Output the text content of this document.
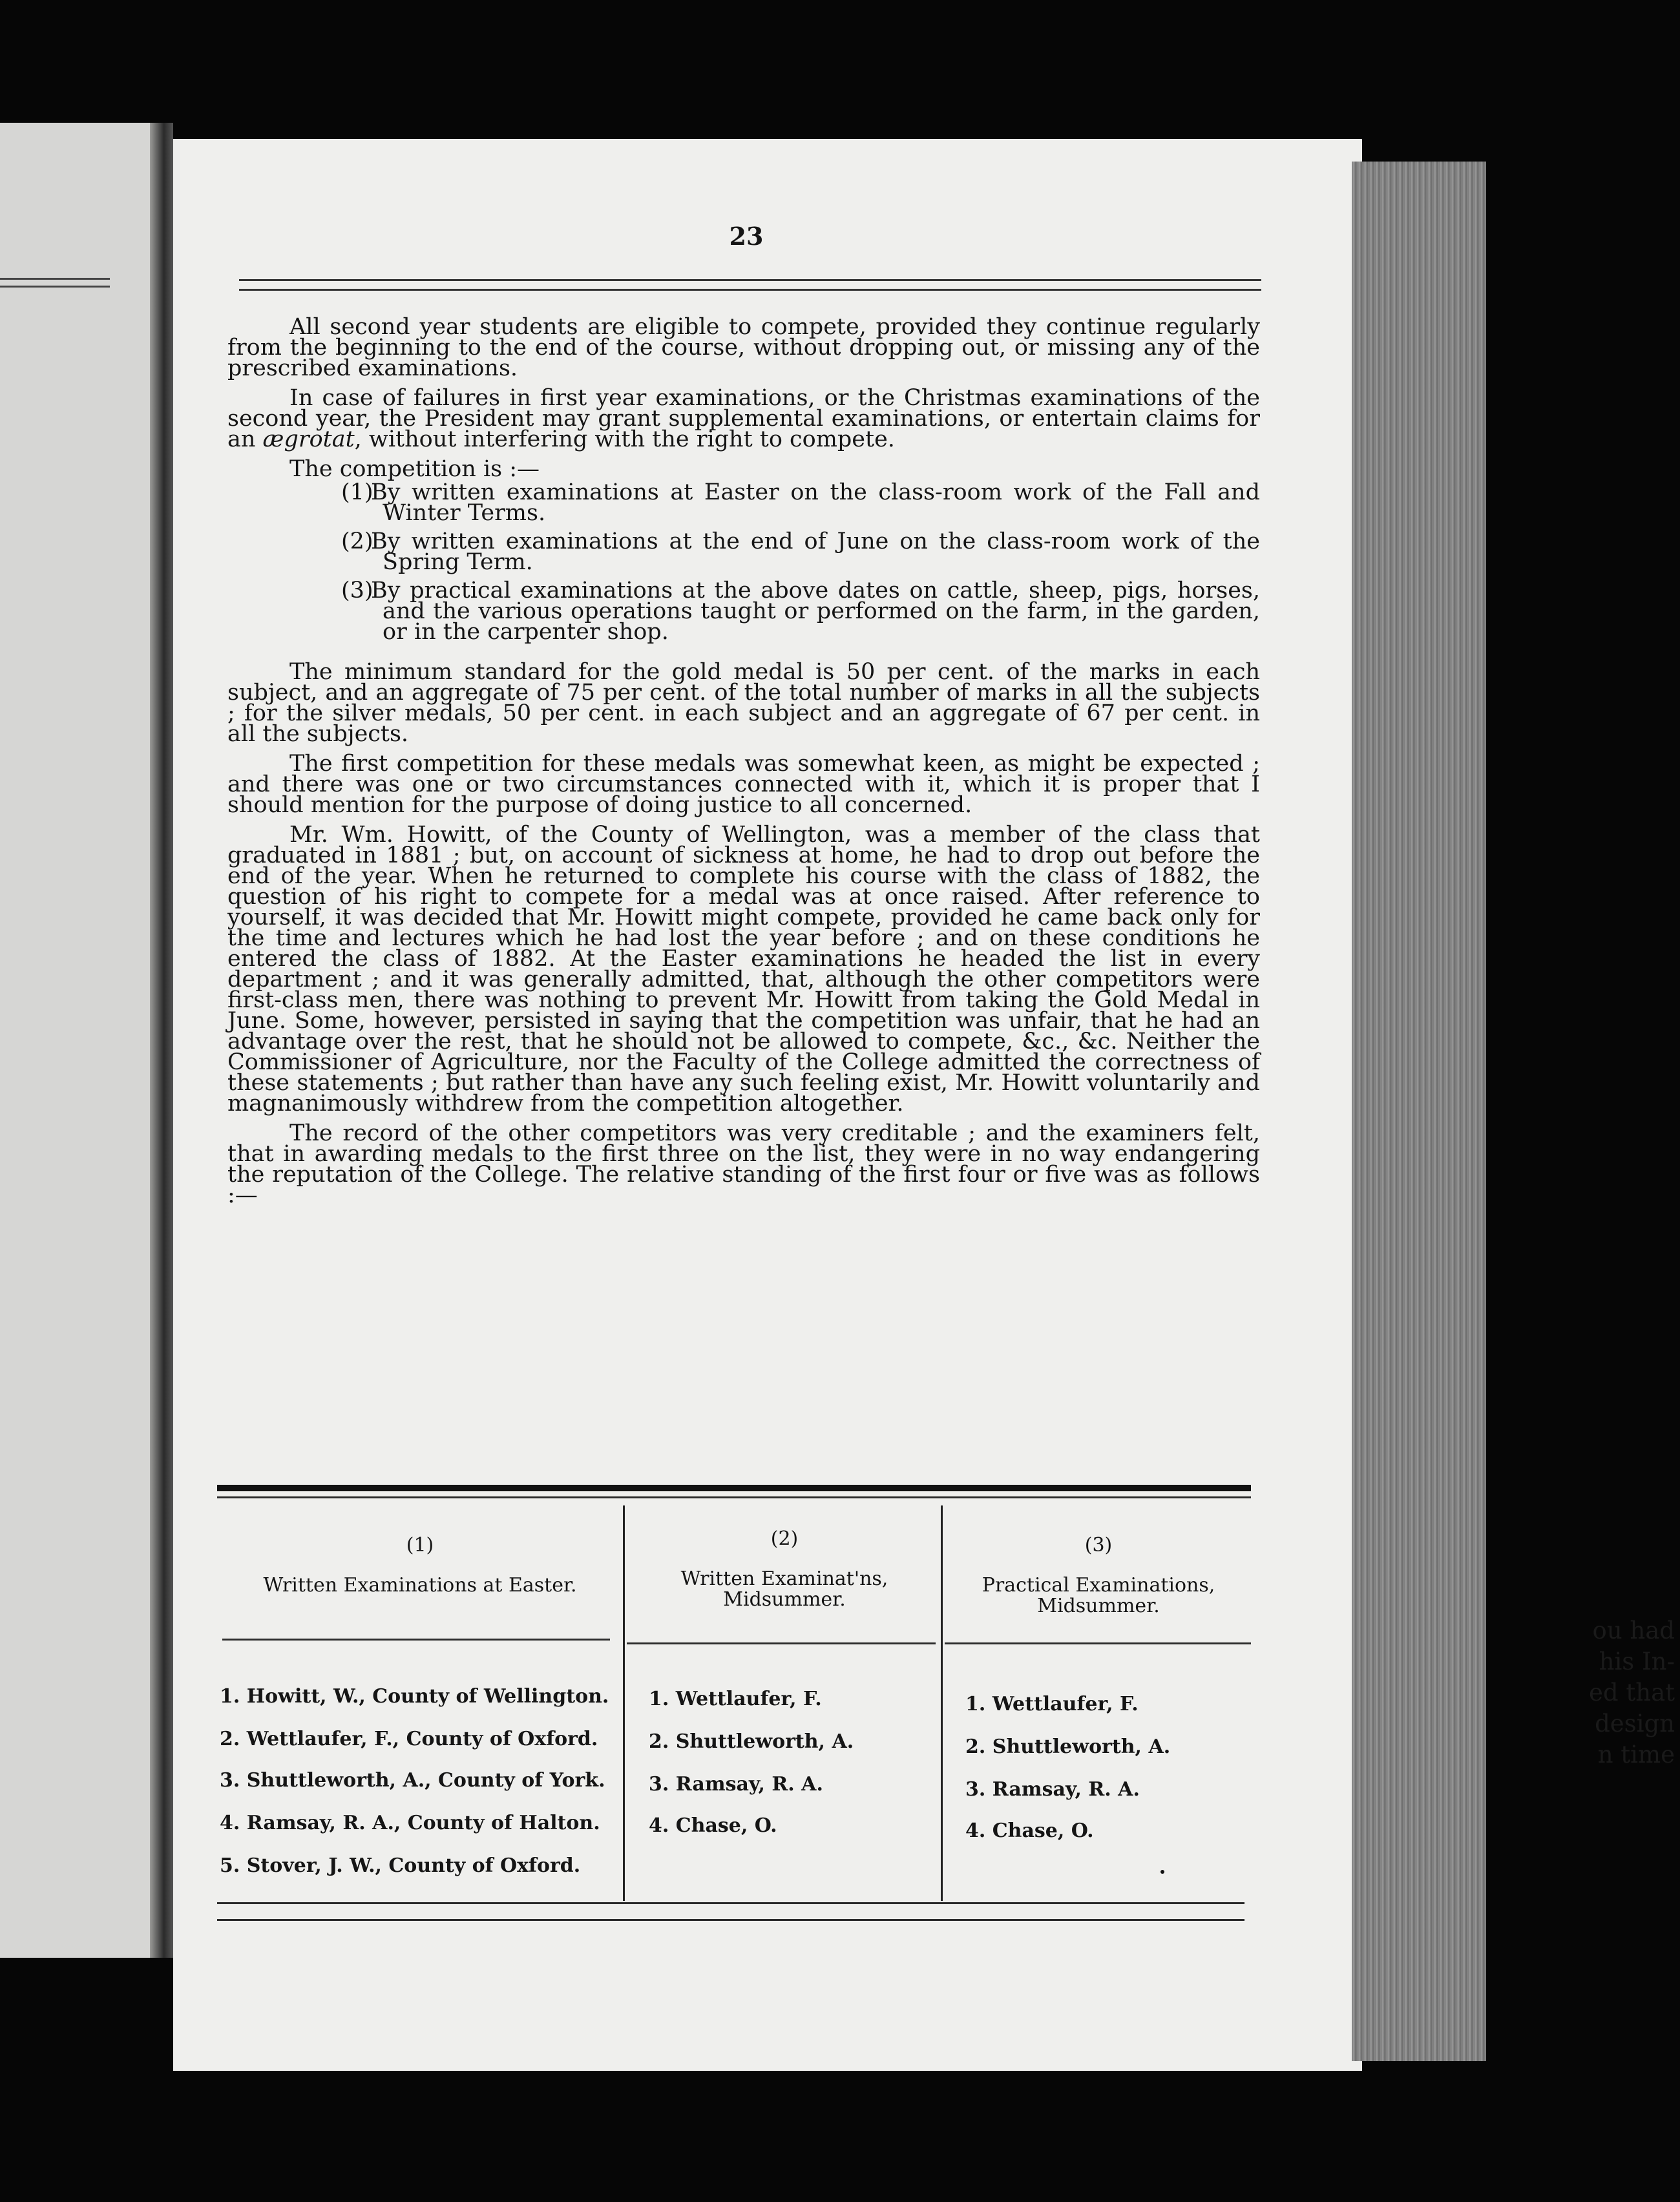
ou had
his In-
ed that
design
n time
23

All second year students are eligible to compete, provided they continue regularly from the beginning to the end of the course, without dropping out, or missing any of the prescribed examinations.

In case of failures in first year examinations, or the Christmas examinations of the second year, the President may grant supplemental examinations, or entertain claims for an ægrotat, without interfering with the right to compete.

The competition is :—

(1)
By written examinations at Easter on the class-room work of the Fall and Winter Terms.
(2)
By written examinations at the end of June on the class-room work of the Spring Term.
(3)
By practical examinations at the above dates on cattle, sheep, pigs, horses, and the various operations taught or performed on the farm, in the garden, or in the carpenter shop.

The minimum standard for the gold medal is 50 per cent. of the marks in each subject, and an aggregate of 75 per cent. of the total number of marks in all the subjects ; for the silver medals, 50 per cent. in each subject and an aggregate of 67 per cent. in all the subjects.

The first competition for these medals was somewhat keen, as might be expected ; and there was one or two circumstances connected with it, which it is proper that I should mention for the purpose of doing justice to all concerned.

Mr. Wm. Howitt, of the County of Wellington, was a member of the class that graduated in 1881 ; but, on account of sickness at home, he had to drop out before the end of the year. When he returned to complete his course with the class of 1882, the question of his right to compete for a medal was at once raised. After reference to yourself, it was decided that Mr. Howitt might compete, provided he came back only for the time and lectures which he had lost the year before ; and on these conditions he entered the class of 1882. At the Easter examinations he headed the list in every department ; and it was generally admitted, that, although the other competitors were first-class men, there was nothing to prevent Mr. Howitt from taking the Gold Medal in June. Some, however, persisted in saying that the competition was unfair, that he had an advantage over the rest, that he should not be allowed to compete, &c., &c. Neither the Commissioner of Agriculture, nor the Faculty of the College admitted the correctness of these statements ; but rather than have any such feeling exist, Mr. Howitt voluntarily and magnanimously withdrew from the competition altogether.

The record of the other competitors was very creditable ; and the examiners felt, that in awarding medals to the first three on the list, they were in no way endangering the reputation of the College. The relative standing of the first four or five was as follows :—

(1)
Written Examinations at Easter.
(2)
Written Examinat'ns, Midsummer.
(3)
Practical Examinations, Midsummer.
1. Howitt, W., County of Wellington.
2. Wettlaufer, F., County of Oxford.
3. Shuttleworth, A., County of York.
4. Ramsay, R. A., County of Halton.
5. Stover, J. W., County of Oxford.
1. Wettlaufer, F.
2. Shuttleworth, A.
3. Ramsay, R. A.
4. Chase, O.
1. Wettlaufer, F.
2. Shuttleworth, A.
3. Ramsay, R. A.
4. Chase, O.
